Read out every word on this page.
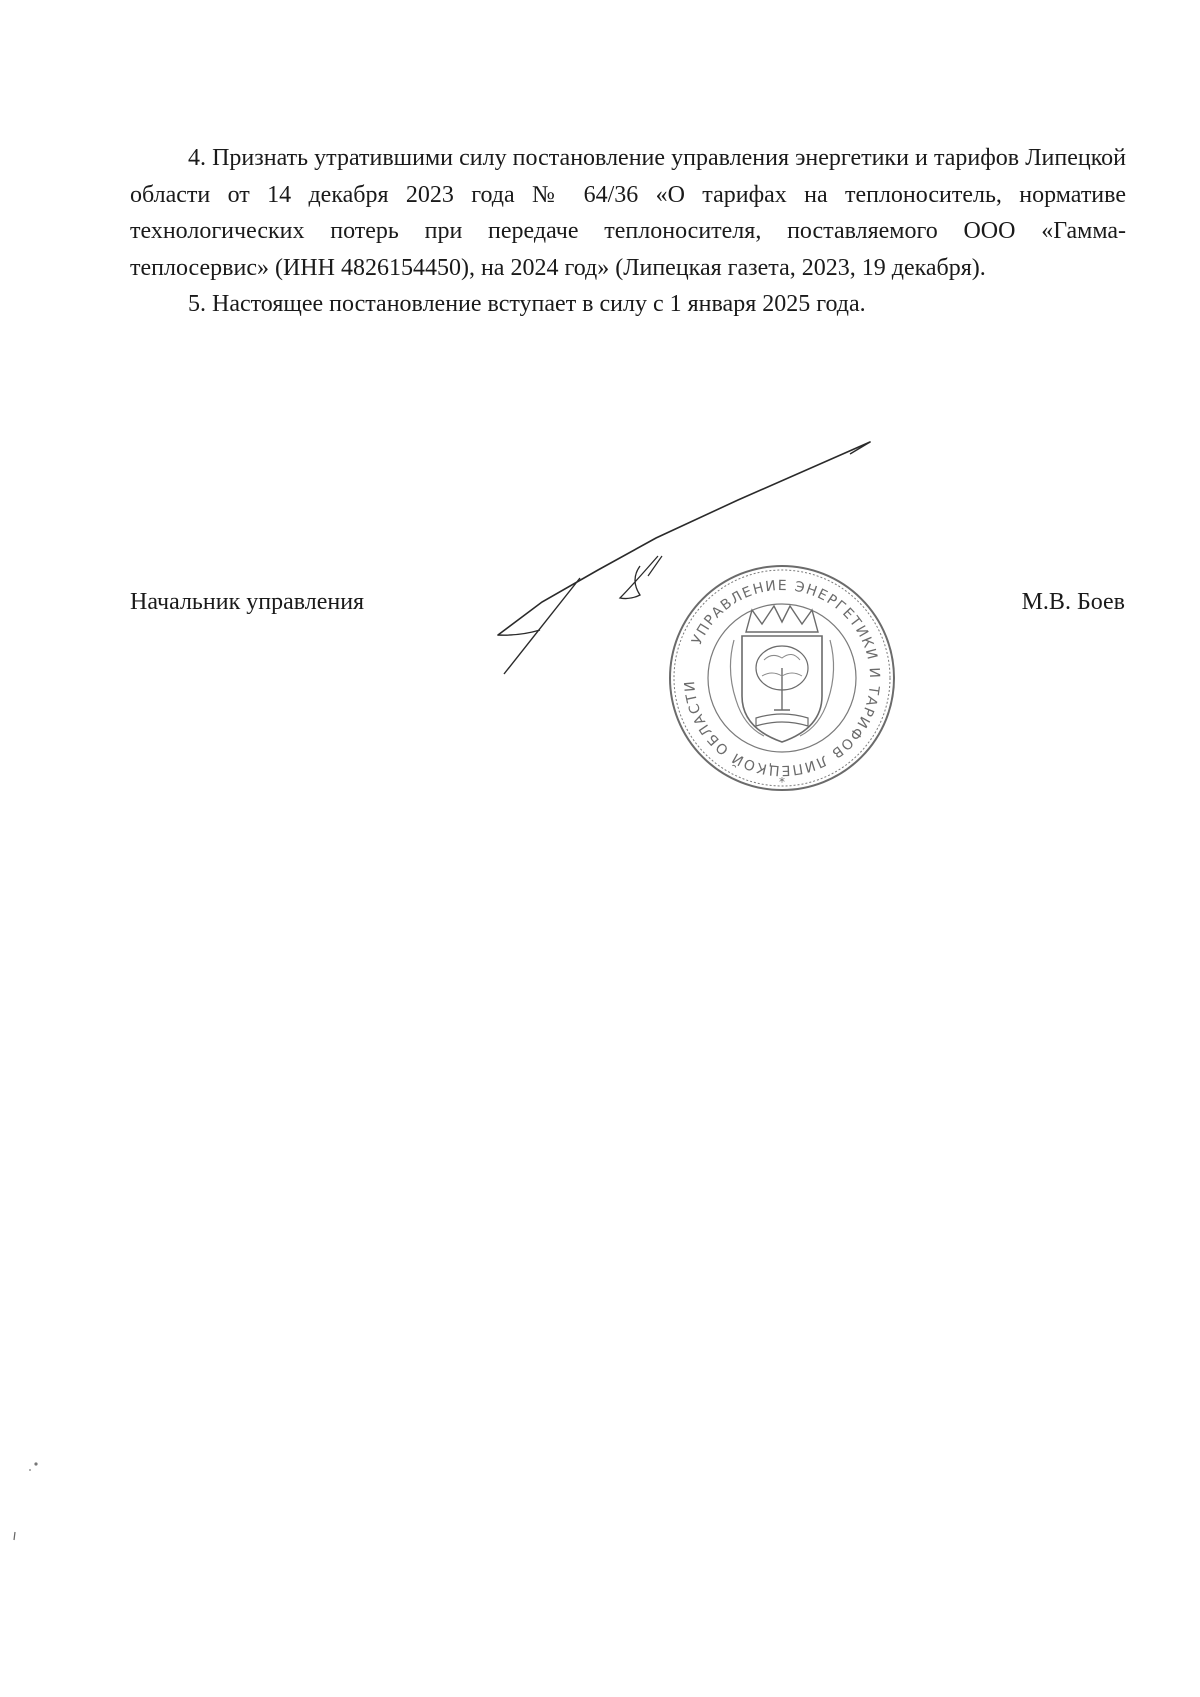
4. Признать утратившими силу постановление управления энергетики и тарифов Липецкой области от 14 декабря 2023 года № 64/36 «О тарифах на теплоноситель, нормативе технологических потерь при передаче теплоносителя, поставляемого ООО «Гамма-теплосервис» (ИНН 4826154450), на 2024 год» (Липецкая газета, 2023, 19 декабря).

5. Настоящее постановление вступает в силу с 1 января 2025 года.

УПРАВЛЕНИЕ ЭНЕРГЕТИКИ И ТАРИФОВ ЛИПЕЦКОЙ ОБЛАСТИ
*
Начальник управления	М.В. Боев
